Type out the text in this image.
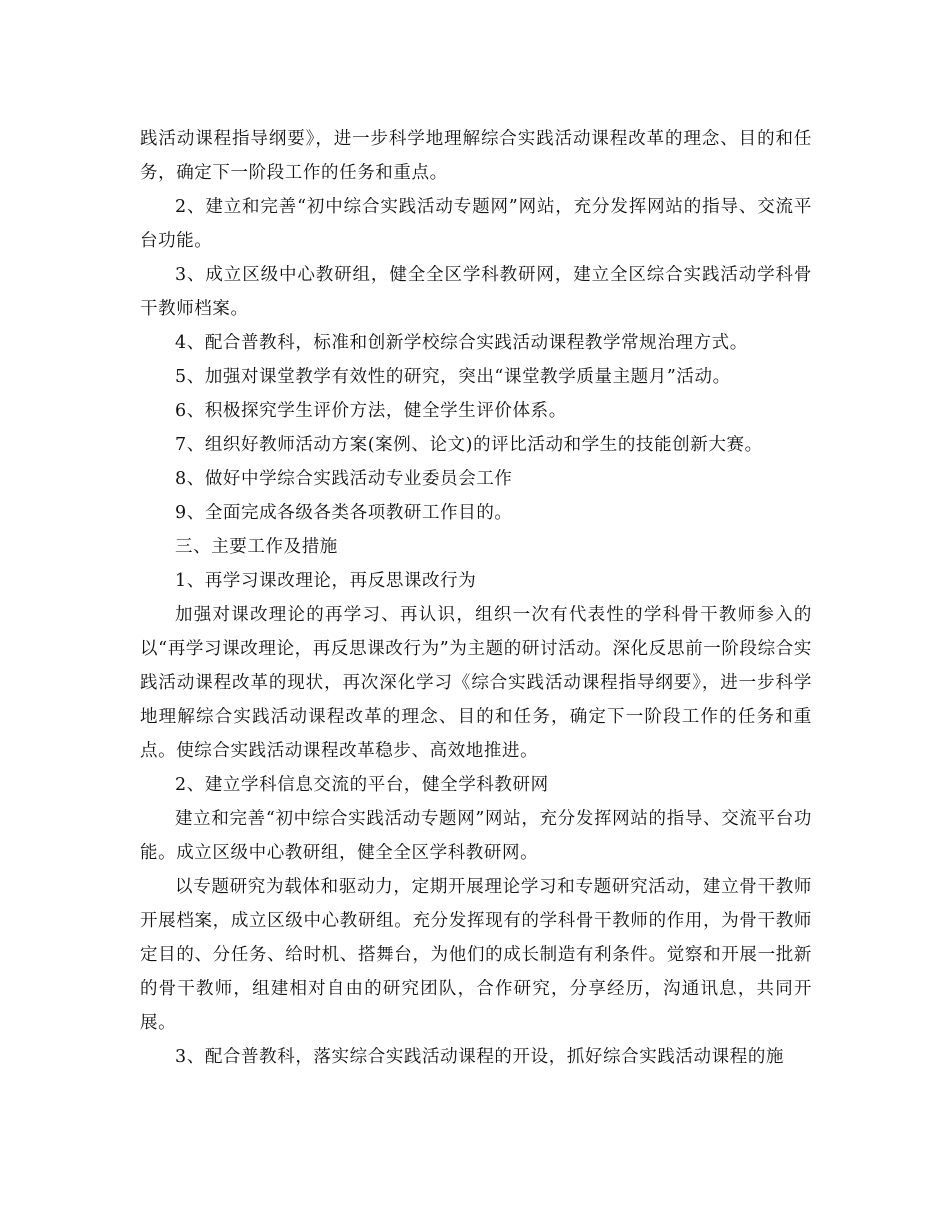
践活动课程指导纲要》，进一步科学地理解综合实践活动课程改革的理念、目的和任务，确定下一阶段工作的任务和重点。

2、建立和完善“初中综合实践活动专题网”网站，充分发挥网站的指导、交流平台功能。

3、成立区级中心教研组，健全全区学科教研网，建立全区综合实践活动学科骨干教师档案。

4、配合普教科，标准和创新学校综合实践活动课程教学常规治理方式。

5、加强对课堂教学有效性的研究，突出“课堂教学质量主题月”活动。

6、积极探究学生评价方法，健全学生评价体系。

7、组织好教师活动方案(案例、论文)的评比活动和学生的技能创新大赛。

8、做好中学综合实践活动专业委员会工作

9、全面完成各级各类各项教研工作目的。

三、主要工作及措施

1、再学习课改理论，再反思课改行为

加强对课改理论的再学习、再认识，组织一次有代表性的学科骨干教师参入的以“再学习课改理论，再反思课改行为”为主题的研讨活动。深化反思前一阶段综合实践活动课程改革的现状，再次深化学习《综合实践活动课程指导纲要》，进一步科学地理解综合实践活动课程改革的理念、目的和任务，确定下一阶段工作的任务和重点。使综合实践活动课程改革稳步、高效地推进。

2、建立学科信息交流的平台，健全学科教研网

建立和完善“初中综合实践活动专题网”网站，充分发挥网站的指导、交流平台功能。成立区级中心教研组，健全全区学科教研网。

以专题研究为载体和驱动力，定期开展理论学习和专题研究活动，建立骨干教师开展档案，成立区级中心教研组。充分发挥现有的学科骨干教师的作用，为骨干教师定目的、分任务、给时机、搭舞台，为他们的成长制造有利条件。觉察和开展一批新的骨干教师，组建相对自由的研究团队，合作研究，分享经历，沟通讯息，共同开展。

3、配合普教科，落实综合实践活动课程的开设，抓好综合实践活动课程的施
